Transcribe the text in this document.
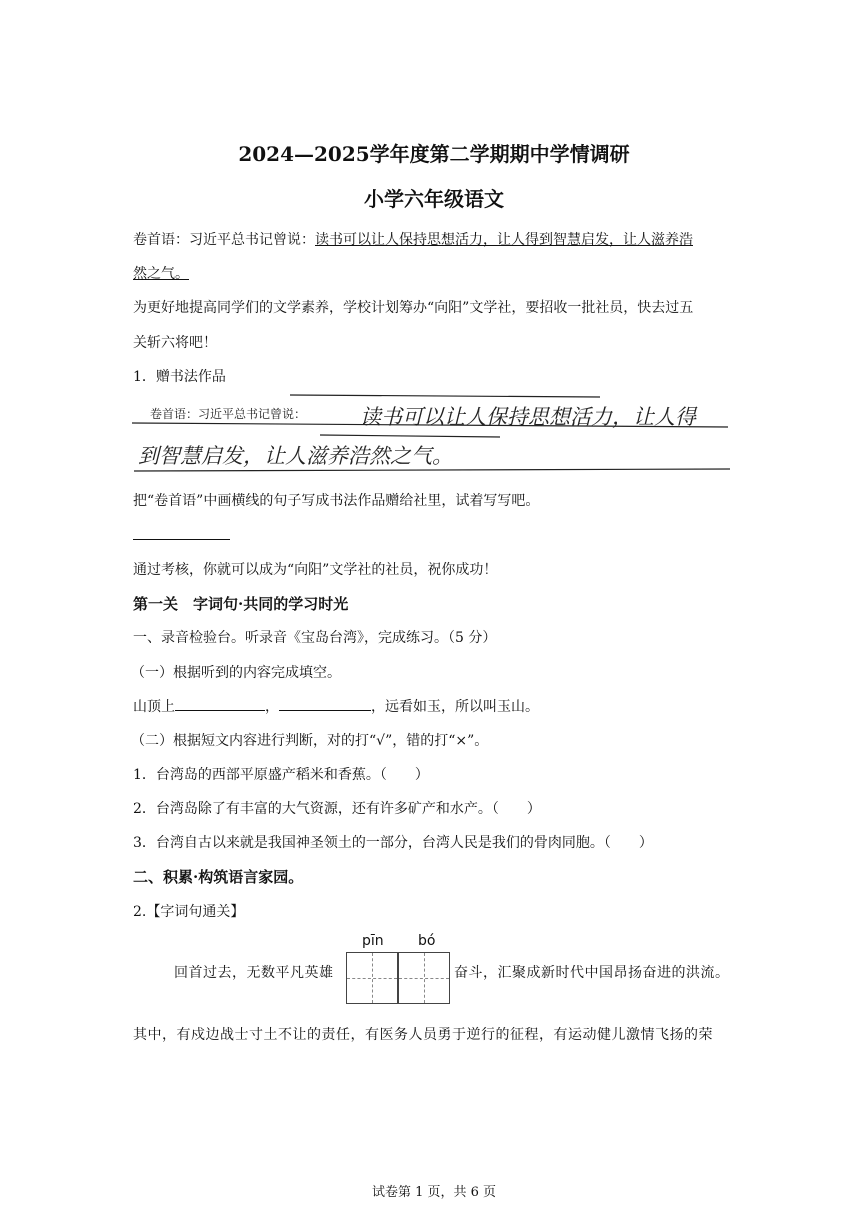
2024—2025学年度第二学期期中学情调研
小学六年级语文
卷首语：习近平总书记曾说：读书可以让人保持思想活力，让人得到智慧启发，让人滋养浩
然之气。
为更好地提高同学们的文学素养，学校计划筹办“向阳”文学社，要招收一批社员，快去过五
关斩六将吧！
1．赠书法作品
卷首语：习近平总书记曾说：	读书可以让人保持思想活力，让人得
到智慧启发，让人滋养浩然之气。
把“卷首语”中画横线的句子写成书法作品赠给社里，试着写写吧。
通过考核，你就可以成为“向阳”文学社的社员，祝你成功！
第一关　字词句·共同的学习时光
一、录音检验台。听录音《宝岛台湾》，完成练习。（5 分）
（一）根据听到的内容完成填空。
山顶上	，	，远看如玉，所以叫玉山。
（二）根据短文内容进行判断，对的打“√”，错的打“×”。
1．台湾岛的西部平原盛产稻米和香蕉。（　　）
2．台湾岛除了有丰富的大气资源，还有许多矿产和水产。（　　）
3．台湾自古以来就是我国神圣领土的一部分，台湾人民是我们的骨肉同胞。（　　）
二、积累·构筑语言家园。
2.【字词句通关】
pīn bó
回首过去，无数平凡英雄	奋斗，汇聚成新时代中国昂扬奋进的洪流。
其中，有戍边战士寸土不让的责任，有医务人员勇于逆行的征程，有运动健儿激情飞扬的荣
试卷第 1 页，共 6 页
